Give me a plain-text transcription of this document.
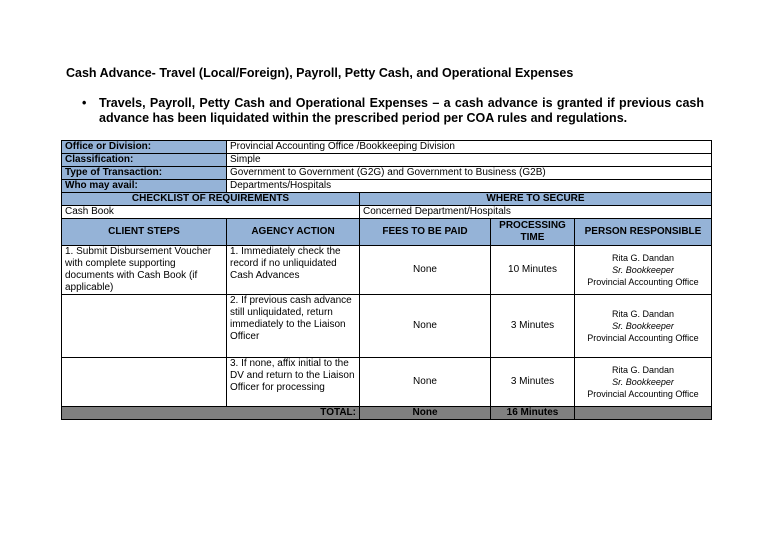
Cash Advance- Travel (Local/Foreign), Payroll, Petty Cash, and Operational Expenses
• Travels, Payroll, Petty Cash and Operational Expenses – a cash advance is granted if previous cash advance has been liquidated within the prescribed period per COA rules and regulations.
Office or Division:	Provincial Accounting Office /Bookkeeping Division			
Classification:	Simple			
Type of Transaction:	Government to Government (G2G) and Government to Business (G2B)			
Who may avail:	Departments/Hospitals			
CHECKLIST OF REQUIREMENTS		WHERE TO SECURE		
Cash Book		Concerned Department/Hospitals		
CLIENT STEPS	AGENCY ACTION	FEES TO BE PAID	PROCESSING TIME	PERSON RESPONSIBLE
1. Submit Disbursement Voucher with complete supporting documents with Cash Book (if applicable)	1. Immediately check the record if no unliquidated Cash Advances	None	10 Minutes	Rita G. Dandan
Sr. Bookkeeper
Provincial Accounting Office

	2. If previous cash advance still unliquidated, return immediately to the Liaison Officer	None	3 Minutes	Rita G. Dandan
Sr. Bookkeeper
Provincial Accounting Office

	3. If none, affix initial to the DV and return to the Liaison Officer for processing	None	3 Minutes	Rita G. Dandan
Sr. Bookkeeper
Provincial Accounting Office

TOTAL:		None	16 Minutes	
